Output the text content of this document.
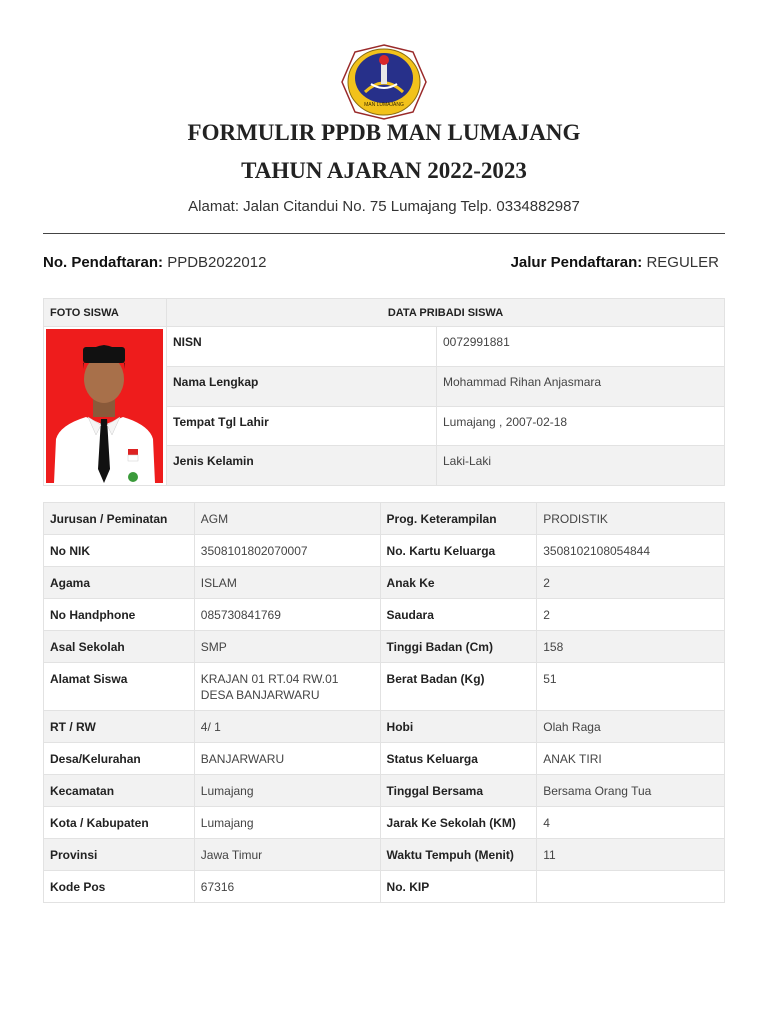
MAN LUMAJANG
FORMULIR PPDB MAN LUMAJANG
TAHUN AJARAN 2022-2023
Alamat: Jalan Citandui No. 75 Lumajang Telp. 0334882987
No. Pendaftaran: PPDB2022012	Jalur Pendaftaran: REGULER
FOTO SISWA	DATA PRIBADI SISWA	

	NISN	0072991881
	Nama Lengkap	Mohammad Rihan Anjasmara
	Tempat Tgl Lahir	Lumajang , 2007-02-18
	Jenis Kelamin	Laki-Laki
Jurusan / Peminatan	AGM	Prog. Keterampilan	PRODISTIK
No NIK	3508101802070007	No. Kartu Keluarga	3508102108054844
Agama	ISLAM	Anak Ke	2
No Handphone	085730841769	Saudara	2
Asal Sekolah	SMP	Tinggi Badan (Cm)	158
Alamat Siswa	KRAJAN 01 RT.04 RW.01 DESA BANJARWARU	Berat Badan (Kg)	51
RT / RW	4/ 1	Hobi	Olah Raga
Desa/Kelurahan	BANJARWARU	Status Keluarga	ANAK TIRI
Kecamatan	Lumajang	Tinggal Bersama	Bersama Orang Tua
Kota / Kabupaten	Lumajang	Jarak Ke Sekolah (KM)	4
Provinsi	Jawa Timur	Waktu Tempuh (Menit)	11
Kode Pos	67316	No. KIP	
